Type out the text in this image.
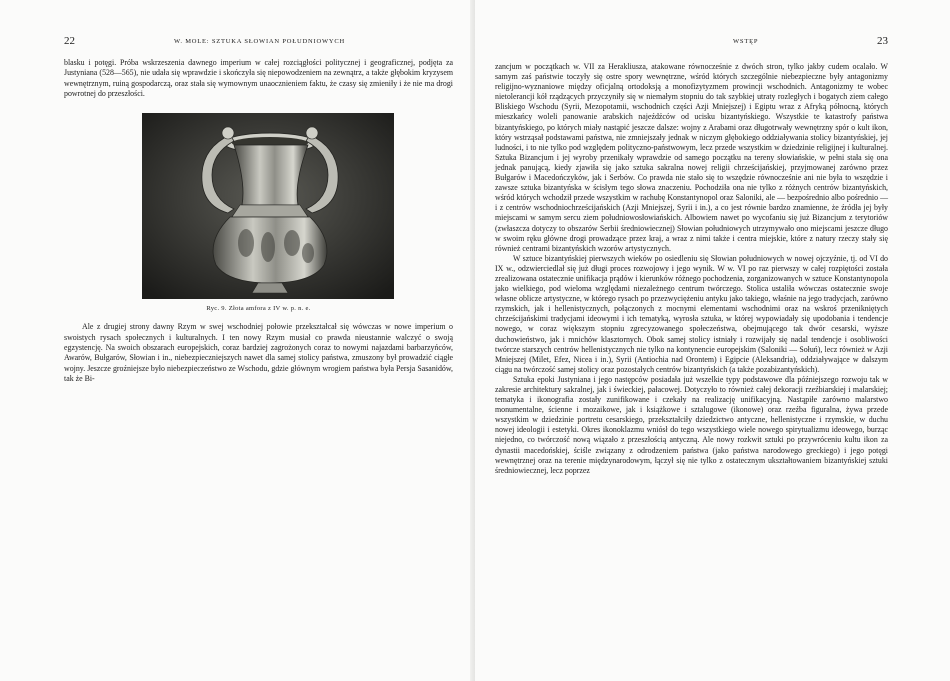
22	W. MOLE: SZTUKA SŁOWIAN POŁUDNIOWYCH

blasku i potęgi. Próba wskrzeszenia dawnego imperium w całej rozciągłości politycznej i geograficznej, podjęta za Justyniana (528—565), nie udała się wprawdzie i skończyła się niepowodzeniem na zewnątrz, a także głębokim kryzysem wewnętrznym, ruiną gospodarczą, oraz stała się wymownym unaocznieniem faktu, że czasy się zmieniły i że nie ma drogi powrotnej do przeszłości.

Ryc. 9. Złota amfora z IV w. p. n. e.

Ale z drugiej strony dawny Rzym w swej wschodniej połowie przekształcał się wówczas w nowe imperium o swoistych rysach społecznych i kulturalnych. I ten nowy Rzym musiał co prawda nieustannie walczyć o swoją egzystencję. Na swoich obszarach europejskich, coraz bardziej zagrożonych coraz to nowymi najazdami barbarzyńców, Awarów, Bułgarów, Słowian i in., niebezpieczniejszych nawet dla samej stolicy państwa, zmuszony był prowadzić ciągłe wojny. Jeszcze groźniejsze było niebezpieczeństwo ze Wschodu, gdzie głównym wrogiem państwa była Persja Sasanidów, tak że Bi-

WSTĘP	23

zancjum w początkach w. VII za Herakliusza, atakowane równocześnie z dwóch stron, tylko jakby cudem ocalało. W samym zaś państwie toczyły się ostre spory wewnętrzne, wśród których szczególnie niebezpieczne były antagonizmy religijno-wyznaniowe między oficjalną ortodoksją a monofizytyzmem prowincji wschodnich. Antagonizmy te wobec nietolerancji kół rządzących przyczyniły się w niemałym stopniu do tak szybkiej utraty rozległych i bogatych ziem całego Bliskiego Wschodu (Syrii, Mezopotamii, wschodnich części Azji Mniejszej) i Egiptu wraz z Afryką północną, których mieszkańcy woleli panowanie arabskich najeźdźców od ucisku bizantyńskiego. Wszystkie te katastrofy państwa bizantyńskiego, po których miały nastąpić jeszcze dalsze: wojny z Arabami oraz długotrwały wewnętrzny spór o kult ikon, który wstrząsał podstawami państwa, nie zmniejszały jednak w niczym głębokiego oddziaływania stolicy bizantyńskiej, jej ludności, i to nie tylko pod względem polityczno-państwowym, lecz przede wszystkim w dziedzinie religijnej i kulturalnej. Sztuka Bizancjum i jej wyroby przenikały wprawdzie od samego początku na tereny słowiańskie, w pełni stała się ona jednak panującą, kiedy zjawiła się jako sztuka sakralna nowej religii chrześcijańskiej, przyjmowanej zarówno przez Bułgarów i Macedończyków, jak i Serbów. Co prawda nie stało się to wszędzie równocześnie ani nie była to wszędzie i zawsze sztuka bizantyńska w ścisłym tego słowa znaczeniu. Pochodziła ona nie tylko z różnych centrów bizantyńskich, wśród których wchodził przede wszystkim w rachubę Konstantynopol oraz Saloniki, ale — bezpośrednio albo pośrednio — i z centrów wschodniochrześcijańskich (Azji Mniejszej, Syrii i in.), a co jest równie bardzo znamienne, że źródła jej były miejscami w samym sercu ziem południowosłowiańskich. Albowiem nawet po wycofaniu się już Bizancjum z terytoriów (zwłaszcza dotyczy to obszarów Serbii średniowiecznej) Słowian południowych utrzymywało ono miejscami jeszcze długo w swoim ręku główne drogi prowadzące przez kraj, a wraz z nimi także i centra miejskie, które z natury rzeczy stały się również centrami bizantyńskich wzorów artystycznych.

W sztuce bizantyńskiej pierwszych wieków po osiedleniu się Słowian południowych w nowej ojczyźnie, tj. od VI do IX w., odzwierciedlał się już długi proces rozwojowy i jego wynik. W w. VI po raz pierwszy w całej rozpiętości została zrealizowana ostatecznie unifikacja prądów i kierunków różnego pochodzenia, zorganizowanych w sztuce Konstantynopola jako wielkiego, pod wielomа względami niezależnego centrum twórczego. Stolica ustaliła wówczas ostatecznie swoje własne oblicze artystyczne, w którego rysach po przezwyciężeniu antyku jako takiego, właśnie na jego tradycjach, zarówno rzymskich, jak i hellenistycznych, połączonych z mocnymi elementami wschodnimi oraz na wskroś przenikniętych chrześcijańskimi tradycjami ideowymi i ich tematyką, wyrosła sztuka, w której wypowiadały się upodobania i tendencje nowego, w coraz większym stopniu zgrecyzowanego społeczeństwa, obejmującego tak dwór cesarski, wyższe duchowieństwo, jak i mnichów klasztornych. Obok samej stolicy istniały i rozwijały się nadal tendencje i osobliwości twórcze starszych centrów hellenistycznych nie tylko na kontynencie europejskim (Saloniki — Sołuń), lecz również w Azji Mniejszej (Milet, Efez, Nicea i in.), Syrii (Antiochia nad Orontem) i Egipcie (Aleksandria), oddziaływające w dalszym ciągu na twórczość samej stolicy oraz pozostałych centrów bizantyńskich (a także pozabizantyńskich).

Sztuka epoki Justyniana i jego następców posiadała już wszelkie typy podstawowe dla późniejszego rozwoju tak w zakresie architektury sakralnej, jak i świeckiej, pałacowej. Dotyczyło to również całej dekoracji rzeźbiarskiej i malarskiej; tematyka i ikonografia zostały zunifikowane i czekały na realizację unifikacyjną. Nastąpiłe zarówno malarstwo monumentalne, ścienne i mozaikowe, jak i książkowe i sztalugowe (ikonowe) oraz rzeźba figuralna, żywa przede wszystkim w dziedzinie portretu cesarskiego, przekształciły dziedzictwo antyczne, hellenistyczne i rzymskie, w duchu nowej ideologii i estetyki. Okres ikonoklazmu wniósł do tego wszystkiego wiele nowego spirytualizmu ideowego, burząc niejedno, co twórczość nową wiązało z przeszłością antyczną. Ale nowy rozkwit sztuki po przywróceniu kultu ikon za dynastii macedońskiej, ściśle związany z odrodzeniem państwa (jako państwa narodowego greckiego) i jego potęgi wewnętrznej oraz na terenie międzynarodowym, łączył się nie tylko z ostatecznym ukształtowaniem bizantyńskiej sztuki średniowiecznej, lecz poprzez
